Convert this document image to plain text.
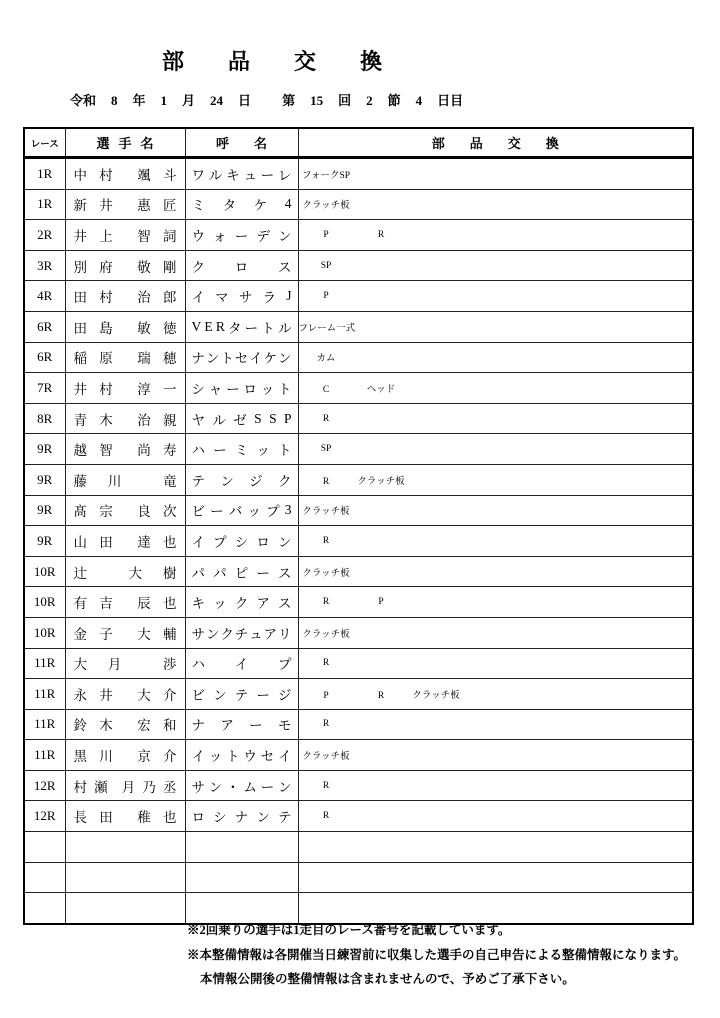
部品交換
令和 8 年 1 月 24 日 第 15 回 2 節 4 日目
レース	選手名	呼名	部品交換
1R	中 村 颯 斗	ワ ル キ ュ ー レ	フォークSP
1R	新 井 惠 匠	ミ タ ケ 4	クラッチ板
2R	井 上 智 詞	ウ ォ ー デ ン	P R
3R	別 府 敬 剛	ク ロ ス	SP
4R	田 村 治 郎	イ マ サ ラ J	P
6R	田 島 敏 徳	V E R タ ー ト ル	フレーム一式
6R	稲 原 瑞 穂	ナ ン ト セ イ ケ ン	カム
7R	井 村 淳 一	シ ャ ー ロ ッ ト	C	ヘッド
8R	青 木 治 親	ヤ ル ゼ S S P	R
9R	越 智 尚 寿	ハ ー ミ ッ ト	SP
9R	藤 川 竜	テ ン ジ ク	R クラッチ板
9R	髙 宗 良 次	ビ ー バ ッ プ 3	クラッチ板
9R	山 田 達 也	イ プ シ ロ ン	R
10R	辻 大 樹	パ パ ピ ー ス	クラッチ板
10R	有 吉 辰 也	キ ッ ク ア ス	R P
10R	金 子 大 輔	サ ン ク チ ュ ア リ	クラッチ板
11R	大 月 渉	ハ イ プ	R
11R	永 井 大 介	ビ ン テ ー ジ	P R クラッチ板
11R	鈴 木 宏 和	ナ ア ー モ	R
11R	黒 川 京 介	イ ッ ト ウ セ イ	クラッチ板
12R	村 瀬 月 乃 丞	サ ン ・ ム ー ン	R
12R	長 田 稚 也	ロ シ ナ ン テ	R

※2回乗りの選手は1走目のレース番号を記載しています。
※本整備情報は各開催当日練習前に収集した選手の自己申告による整備情報になります。
本情報公開後の整備情報は含まれませんので、予めご了承下さい。
